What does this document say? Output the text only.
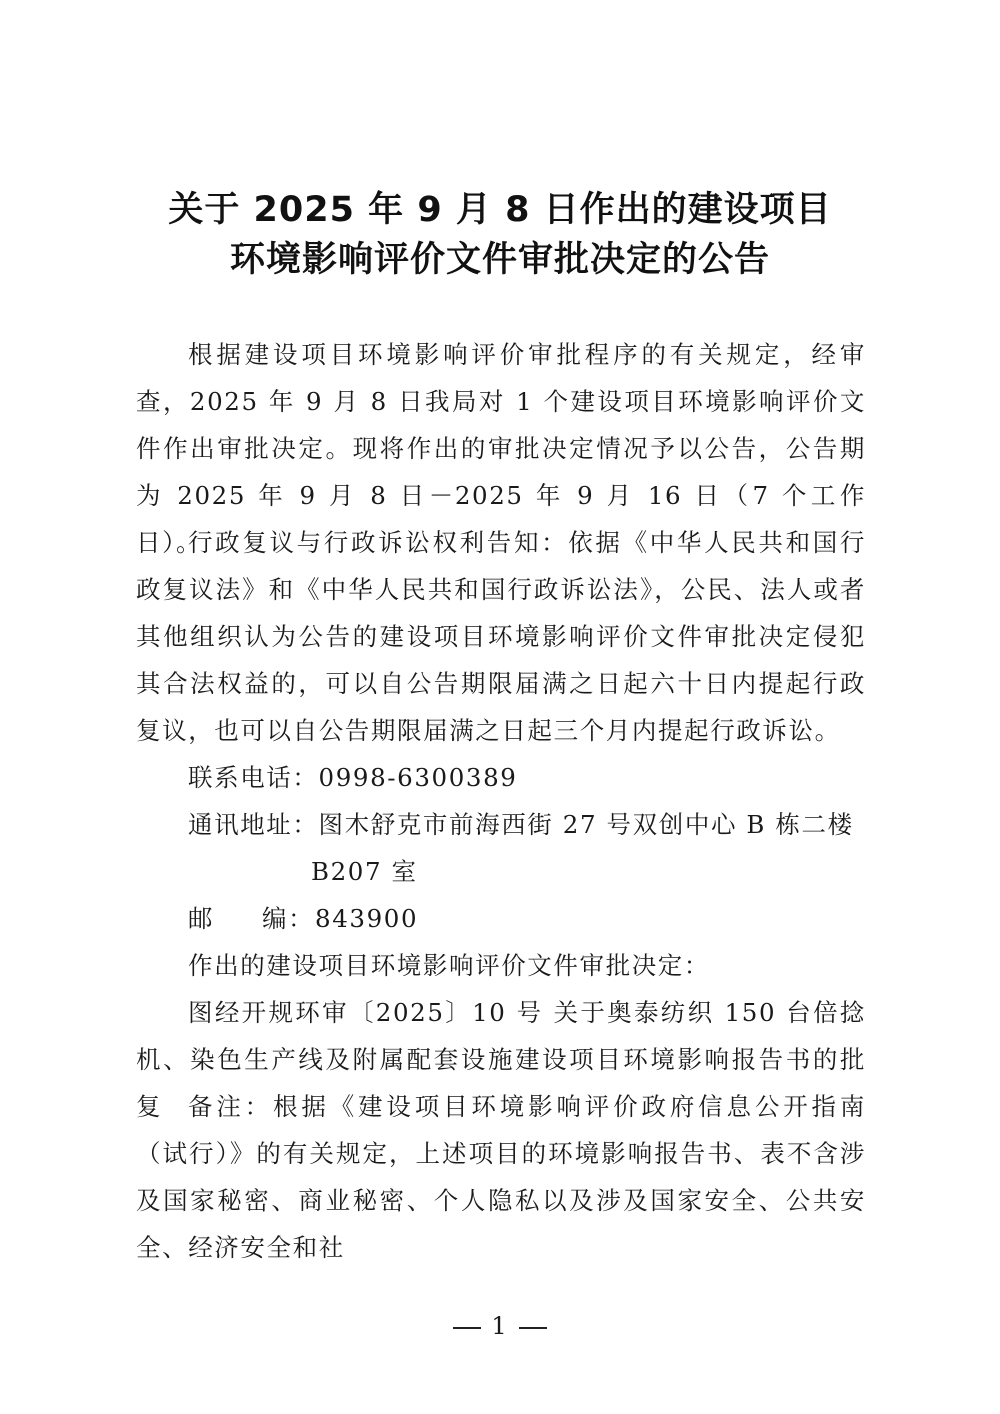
关于 2025 年 9 月 8 日作出的建设项目
环境影响评价文件审批决定的公告

根据建设项目环境影响评价审批程序的有关规定，经审查，2025 年 9 月 8 日我局对 1 个建设项目环境影响评价文件作出审批决定。现将作出的审批决定情况予以公告，公告期为 2025 年 9 月 8 日－2025 年 9 月 16 日（7 个工作日）。

行政复议与行政诉讼权利告知：依据《中华人民共和国行政复议法》和《中华人民共和国行政诉讼法》，公民、法人或者其他组织认为公告的建设项目环境影响评价文件审批决定侵犯其合法权益的，可以自公告期限届满之日起六十日内提起行政复议，也可以自公告期限届满之日起三个月内提起行政诉讼。

联系电话：0998-6300389
通讯地址：图木舒克市前海西街 27 号双创中心 B 栋二楼
B207 室
邮 编：843900
作出的建设项目环境影响评价文件审批决定：

图经开规环审〔2025〕10 号 关于奥泰纺织 150 台倍捻机、染色生产线及附属配套设施建设项目环境影响报告书的批复	备注：根据《建设项目环境影响评价政府信息公开指南（试行）》的有关规定，上述项目的环境影响报告书、表不含涉及国家秘密、商业秘密、个人隐私以及涉及国家安全、公共安全、经济安全和社

1
